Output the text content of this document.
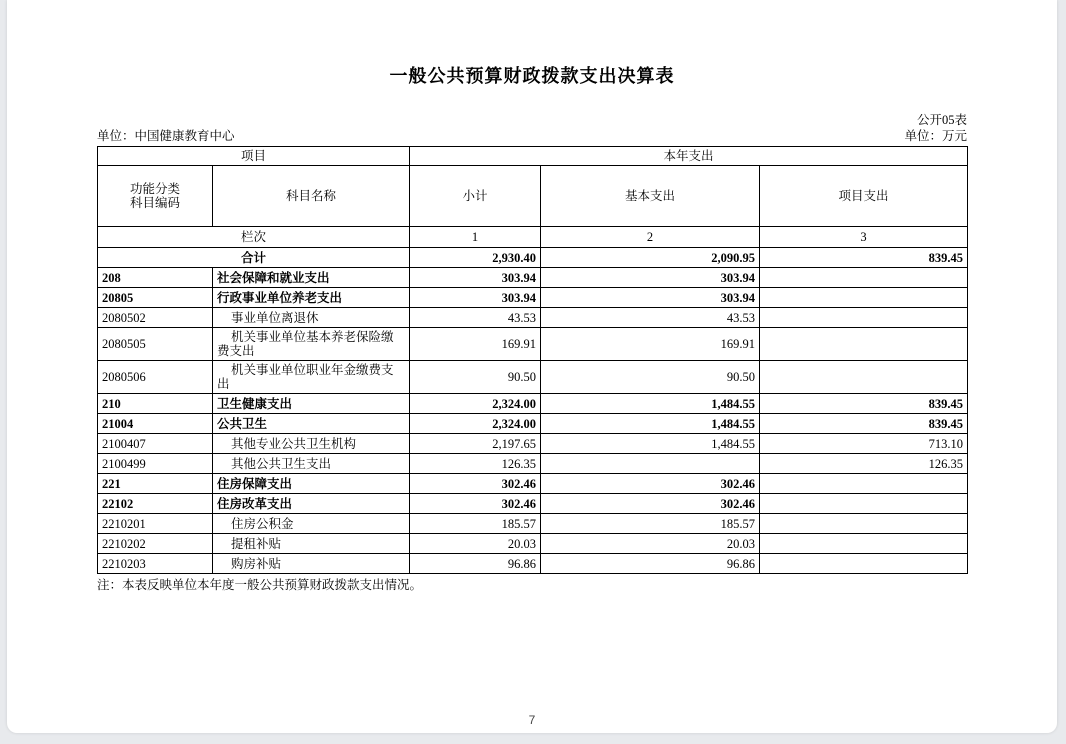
一般公共预算财政拨款支出决算表
公开05表
单位：中国健康教育中心	单位：万元
项目		本年支出		

功能分类
科目编码	科目名称	小计	基本支出	项目支出
栏次		1	2	3
合计		2,930.40	2,090.95	839.45
208	社会保障和就业支出	303.94	303.94	
20805	行政事业单位养老支出	303.94	303.94	
2080502	事业单位离退休	43.53	43.53	
2080505	机关事业单位基本养老保险缴费支出	169.91	169.91	
2080506	机关事业单位职业年金缴费支出	90.50	90.50	
210	卫生健康支出	2,324.00	1,484.55	839.45
21004	公共卫生	2,324.00	1,484.55	839.45
2100407	其他专业公共卫生机构	2,197.65	1,484.55	713.10
2100499	其他公共卫生支出	126.35		126.35
221	住房保障支出	302.46	302.46	
22102	住房改革支出	302.46	302.46	
2210201	住房公积金	185.57	185.57	
2210202	提租补贴	20.03	20.03	
2210203	购房补贴	96.86	96.86	
注：本表反映单位本年度一般公共预算财政拨款支出情况。
7
